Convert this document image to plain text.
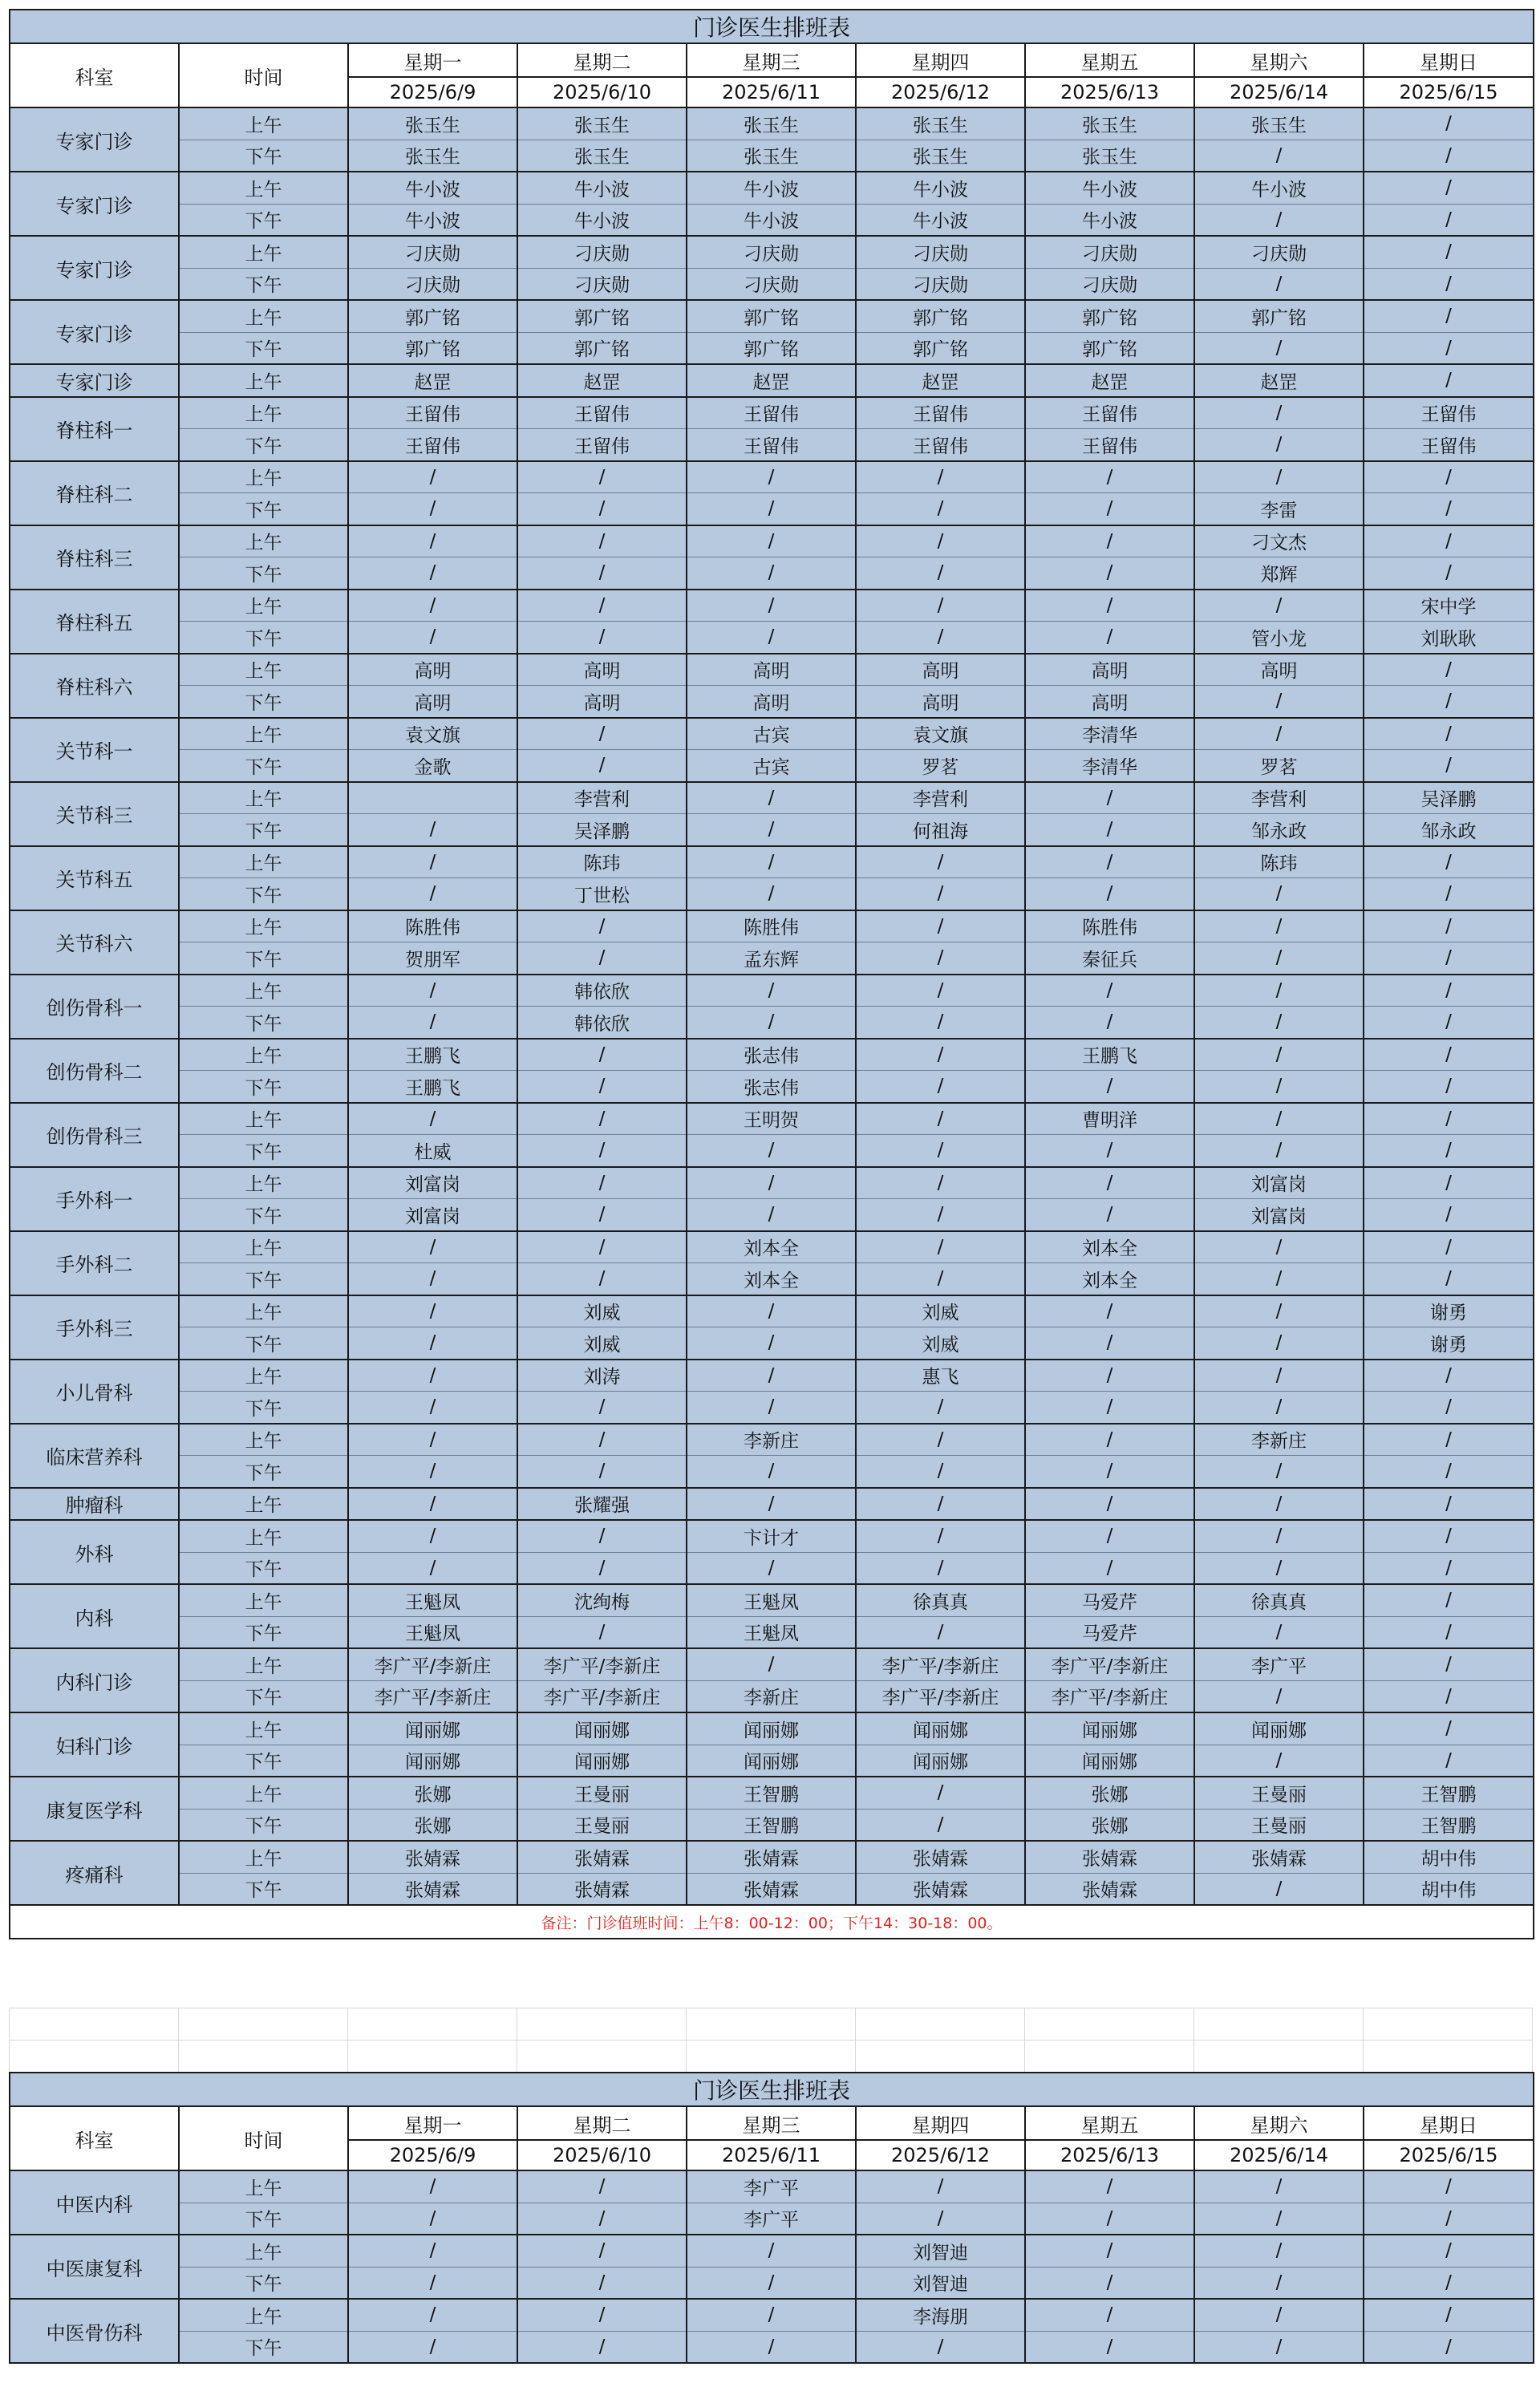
门诊医生排班表								
科室	时间	星期一	星期二	星期三	星期四	星期五	星期六	星期日
		2025/6/9	2025/6/10	2025/6/11	2025/6/12	2025/6/13	2025/6/14	2025/6/15
专家门诊	上午	张玉生	张玉生	张玉生	张玉生	张玉生	张玉生	/
	下午	张玉生	张玉生	张玉生	张玉生	张玉生	/	/
专家门诊	上午	牛小波	牛小波	牛小波	牛小波	牛小波	牛小波	/
	下午	牛小波	牛小波	牛小波	牛小波	牛小波	/	/
专家门诊	上午	刁庆勋	刁庆勋	刁庆勋	刁庆勋	刁庆勋	刁庆勋	/
	下午	刁庆勋	刁庆勋	刁庆勋	刁庆勋	刁庆勋	/	/
专家门诊	上午	郭广铭	郭广铭	郭广铭	郭广铭	郭广铭	郭广铭	/
	下午	郭广铭	郭广铭	郭广铭	郭广铭	郭广铭	/	/
专家门诊	上午	赵罡	赵罡	赵罡	赵罡	赵罡	赵罡	/
脊柱科一	上午	王留伟	王留伟	王留伟	王留伟	王留伟	/	王留伟
	下午	王留伟	王留伟	王留伟	王留伟	王留伟	/	王留伟
脊柱科二	上午	/	/	/	/	/	/	/
	下午	/	/	/	/	/	李雷	/
脊柱科三	上午	/	/	/	/	/	刁文杰	/
	下午	/	/	/	/	/	郑辉	/
脊柱科五	上午	/	/	/	/	/	/	宋中学
	下午	/	/	/	/	/	管小龙	刘耿耿
脊柱科六	上午	高明	高明	高明	高明	高明	高明	/
	下午	高明	高明	高明	高明	高明	/	/
关节科一	上午	袁文旗	/	古宾	袁文旗	李清华	/	/
	下午	金歌	/	古宾	罗茗	李清华	罗茗	/
关节科三	上午		李营利	/	李营利	/	李营利	吴泽鹏
	下午	/	吴泽鹏	/	何祖海	/	邹永政	邹永政
关节科五	上午	/	陈玮	/	/	/	陈玮	/
	下午	/	丁世松	/	/	/	/	/
关节科六	上午	陈胜伟	/	陈胜伟	/	陈胜伟	/	/
	下午	贺朋军	/	孟东辉	/	秦征兵	/	/
创伤骨科一	上午	/	韩依欣	/	/	/	/	/
	下午	/	韩依欣	/	/	/	/	/
创伤骨科二	上午	王鹏飞	/	张志伟	/	王鹏飞	/	/
	下午	王鹏飞	/	张志伟	/	/	/	/
创伤骨科三	上午	/	/	王明贺	/	曹明洋	/	/
	下午	杜威	/	/	/	/	/	/
手外科一	上午	刘富岗	/	/	/	/	刘富岗	/
	下午	刘富岗	/	/	/	/	刘富岗	/
手外科二	上午	/	/	刘本全	/	刘本全	/	/
	下午	/	/	刘本全	/	刘本全	/	/
手外科三	上午	/	刘威	/	刘威	/	/	谢勇
	下午	/	刘威	/	刘威	/	/	谢勇
小儿骨科	上午	/	刘涛	/	惠飞	/	/	/
	下午	/	/	/	/	/	/	/
临床营养科	上午	/	/	李新庄	/	/	李新庄	/
	下午	/	/	/	/	/	/	/
肿瘤科	上午	/	张耀强	/	/	/	/	/
外科	上午	/	/	卞计才	/	/	/	/
	下午	/	/	/	/	/	/	/
内科	上午	王魁凤	沈绚梅	王魁凤	徐真真	马爱芹	徐真真	/
	下午	王魁凤	/	王魁凤	/	马爱芹	/	/
内科门诊	上午	李广平/李新庄	李广平/李新庄	/	李广平/李新庄	李广平/李新庄	李广平	/
	下午	李广平/李新庄	李广平/李新庄	李新庄	李广平/李新庄	李广平/李新庄	/	/
妇科门诊	上午	闻丽娜	闻丽娜	闻丽娜	闻丽娜	闻丽娜	闻丽娜	/
	下午	闻丽娜	闻丽娜	闻丽娜	闻丽娜	闻丽娜	/	/
康复医学科	上午	张娜	王曼丽	王智鹏	/	张娜	王曼丽	王智鹏
	下午	张娜	王曼丽	王智鹏	/	张娜	王曼丽	王智鹏
疼痛科	上午	张婧霖	张婧霖	张婧霖	张婧霖	张婧霖	张婧霖	胡中伟
	下午	张婧霖	张婧霖	张婧霖	张婧霖	张婧霖	/	胡中伟
备注：门诊值班时间：上午8：00-12：00；下午14：30-18：00。								
门诊医生排班表								
科室	时间	星期一	星期二	星期三	星期四	星期五	星期六	星期日
		2025/6/9	2025/6/10	2025/6/11	2025/6/12	2025/6/13	2025/6/14	2025/6/15
中医内科	上午	/	/	李广平	/	/	/	/
	下午	/	/	李广平	/	/	/	/
中医康复科	上午	/	/	/	刘智迪	/	/	/
	下午	/	/	/	刘智迪	/	/	/
中医骨伤科	上午	/	/	/	李海朋	/	/	/
	下午	/	/	/	/	/	/	/
